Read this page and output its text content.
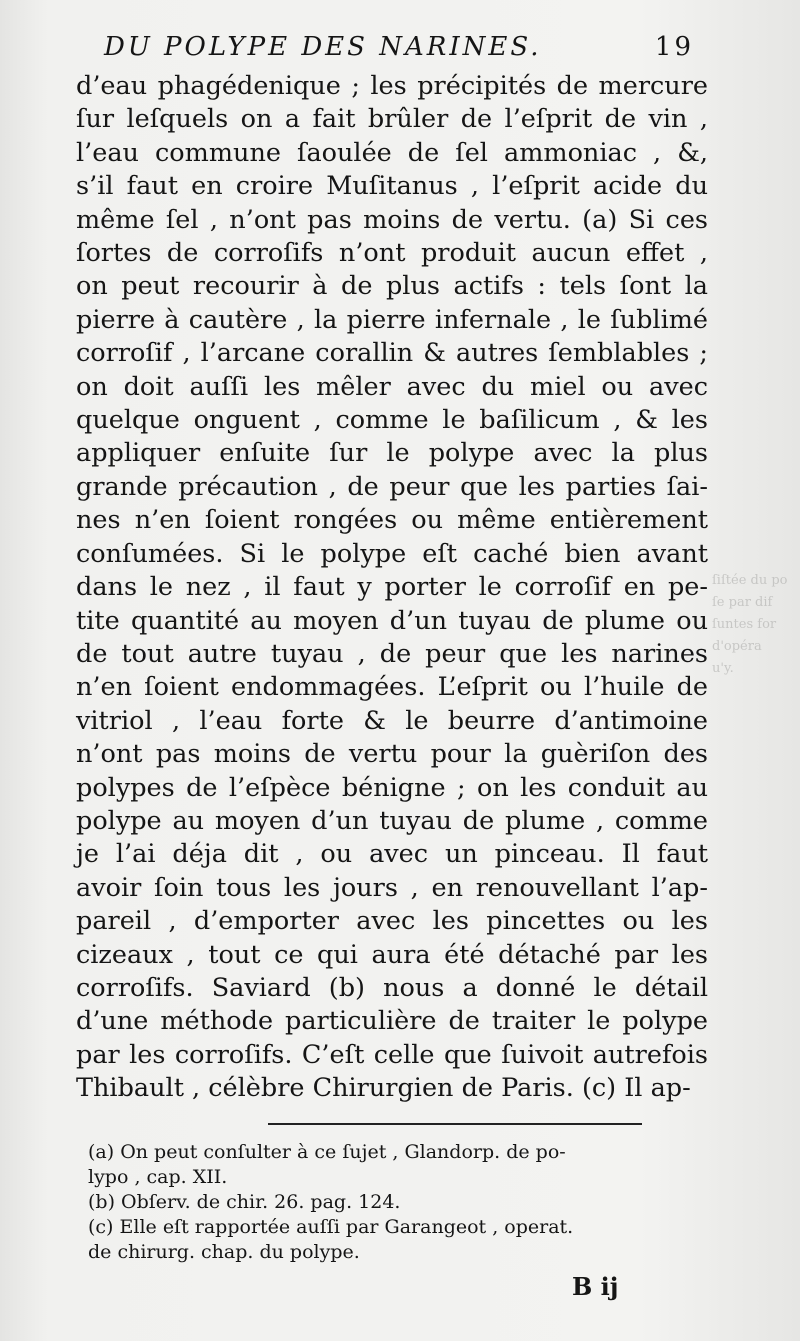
ſiſtée du po
ſe par dif
ſuntes for
d'opéra
u'y.
DU POLYPE DES NARINES.	19
d’eau phagédenique ; les précipités de mercure
ſur leſquels on a fait brûler de l’eſprit de vin ,
l’eau commune ſaoulée de ſel ammoniac , &,
s’il faut en croire Muſitanus , l’eſprit acide du
même ſel , n’ont pas moins de vertu. (a) Si ces
ſortes de corroſifs n’ont produit aucun effet ,
on peut recourir à de plus actifs : tels ſont la
pierre à cautère , la pierre infernale , le ſublimé
corroſif , l’arcane corallin & autres ſemblables ;
on doit auſſi les mêler avec du miel ou avec
quelque onguent , comme le baſilicum , & les
appliquer enſuite ſur le polype avec la plus
grande précaution , de peur que les parties ſai-
nes n’en ſoient rongées ou même entièrement
conſumées. Si le polype eſt caché bien avant
dans le nez , il faut y porter le corroſif en pe-
tite quantité au moyen d’un tuyau de plume ou
de tout autre tuyau , de peur que les narines
n’en ſoient endommagées. L’eſprit ou l’huile de
vitriol , l’eau forte & le beurre d’antimoine
n’ont pas moins de vertu pour la guèriſon des
polypes de l’eſpèce bénigne ; on les conduit au
polype au moyen d’un tuyau de plume , comme
je l’ai déja dit , ou avec un pinceau. Il faut
avoir ſoin tous les jours , en renouvellant l’ap-
pareil , d’emporter avec les pincettes ou les
cizeaux , tout ce qui aura été détaché par les
corroſifs. Saviard (b) nous a donné le détail
d’une méthode particulière de traiter le polype
par les corroſifs. C’eſt celle que ſuivoit autrefois
Thibault , célèbre Chirurgien de Paris. (c) Il ap-
(a) On peut conſulter à ce ſujet , Glandorp. de po-
lypo , cap. XII.
(b) Obſerv. de chir. 26. pag. 124.
(c) Elle eſt rapportée auſſi par Garangeot , operat.
de chirurg. chap. du polype.
B ij
